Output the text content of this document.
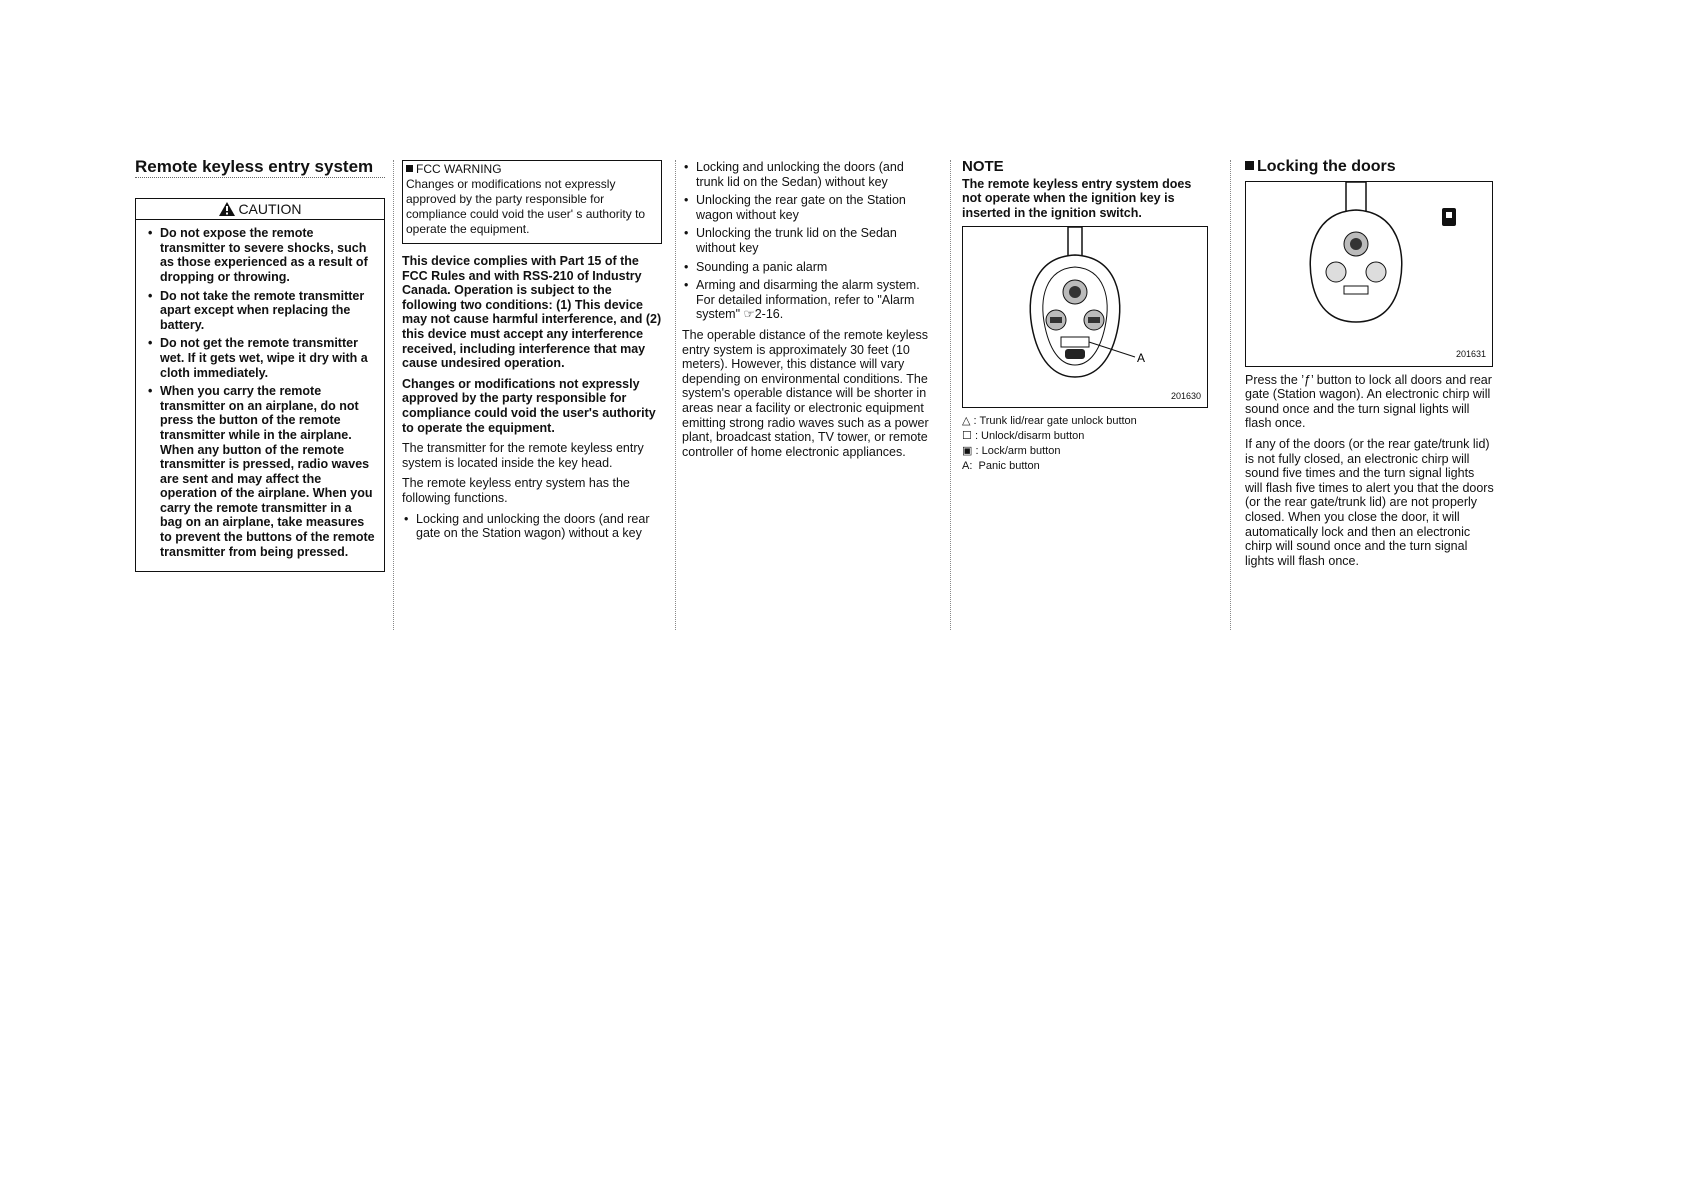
Remote keyless entry system
CAUTION
• Do not expose the remote transmitter to severe shocks, such as those experienced as a result of dropping or throwing.
• Do not take the remote transmitter apart except when replacing the battery.
• Do not get the remote transmitter wet. If it gets wet, wipe it dry with a cloth immediately.
• When you carry the remote transmitter on an airplane, do not press the button of the remote transmitter while in the airplane. When any button of the remote transmitter is pressed, radio waves are sent and may affect the operation of the airplane. When you carry the remote transmitter in a bag on an airplane, take measures to prevent the buttons of the remote transmitter from being pressed.
FCC WARNING
Changes or modifications not expressly approved by the party responsible for compliance could void the user' s authority to operate the equipment.

This device complies with Part 15 of the FCC Rules and with RSS-210 of Industry Canada. Operation is subject to the following two conditions: (1) This device may not cause harmful interference, and (2) this device must accept any interference received, including interference that may cause undesired operation.

Changes or modifications not expressly approved by the party responsible for compliance could void the user's authority to operate the equipment.

The transmitter for the remote keyless entry system is located inside the key head.

The remote keyless entry system has the following functions.

• Locking and unlocking the doors (and rear gate on the Station wagon) without a key
• Locking and unlocking the doors (and trunk lid on the Sedan) without key
• Unlocking the rear gate on the Station wagon without key
• Unlocking the trunk lid on the Sedan without key
• Sounding a panic alarm
• Arming and disarming the alarm system. For detailed information, refer to "Alarm system" ☞2-16.

The operable distance of the remote keyless entry system is approximately 30 feet (10 meters). However, this distance will vary depending on environmental conditions. The system's operable distance will be shorter in areas near a facility or electronic equipment emitting strong radio waves such as a power plant, broadcast station, TV tower, or remote controller of home electronic appliances.

NOTE

The remote keyless entry system does not operate when the ignition key is inserted in the ignition switch.

A
201630
△ : Trunk lid/rear gate unlock button
☐ : Unlock/disarm button
▣ : Lock/arm button
A: Panic button
Locking the doors
201631

Press the ’ƒ’ button to lock all doors and rear gate (Station wagon). An electronic chirp will sound once and the turn signal lights will flash once.

If any of the doors (or the rear gate/trunk lid) is not fully closed, an electronic chirp will sound five times and the turn signal lights will flash five times to alert you that the doors (or the rear gate/trunk lid) are not properly closed. When you close the door, it will automatically lock and then an electronic chirp will sound once and the turn signal lights will flash once.
